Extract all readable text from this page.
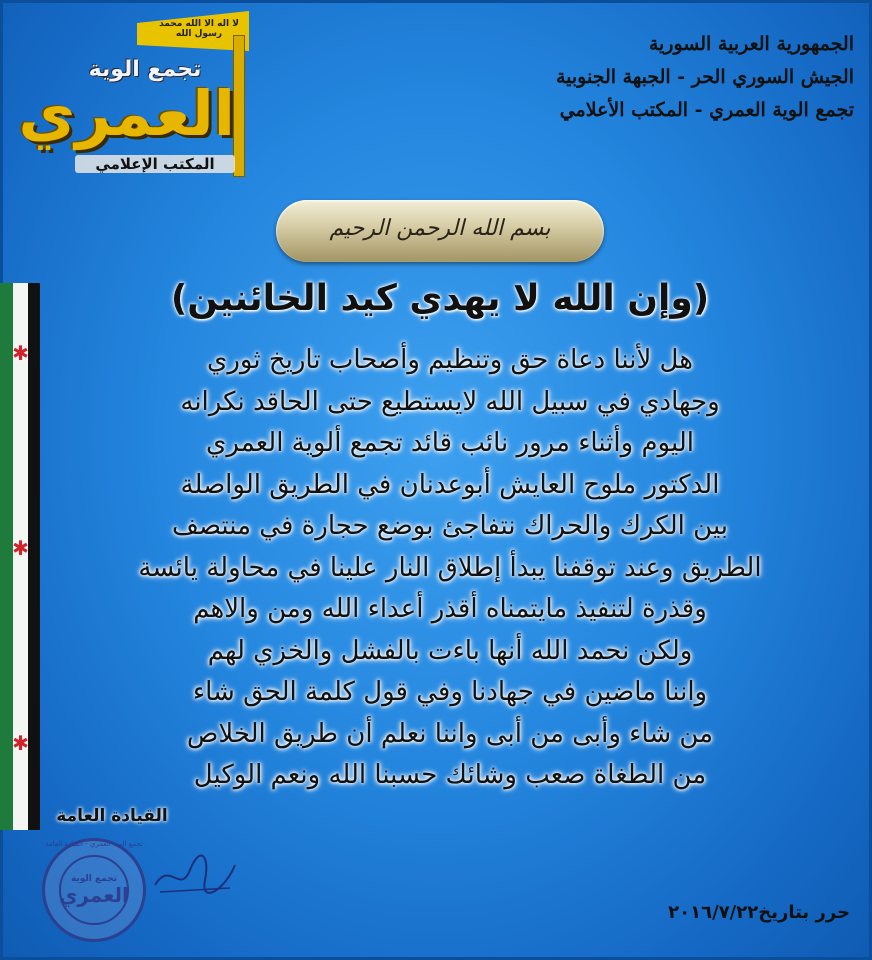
لا اله الا الله محمد رسول الله
تجمع الوية
العمري
المكتب الإعلامي
الجمهورية العربية السورية
الجيش السوري الحر - الجبهة الجنوبية
تجمع الوية العمري - المكتب الأعلامي
بسم الله الرحمن الرحيم
✱
✱
✱
(وإن الله لا يهدي كيد الخائنين)
هل لأننا دعاة حق وتنظيم وأصحاب تاريخ ثوري
وجهادي في سبيل الله لايستطيع حتى الحاقد نكرانه
اليوم وأثناء مرور نائب قائد تجمع ألوية العمري
الدكتور ملوح العايش أبوعدنان في الطريق الواصلة
بين الكرك والحراك نتفاجئ بوضع حجارة في منتصف
الطريق وعند توقفنا يبدأ إطلاق النار علينا في محاولة يائسة
وقذرة لتنفيذ مايتمناه أقذر أعداء الله ومن والاهم
ولكن نحمد الله أنها باءت بالفشل والخزي لهم
واننا ماضين في جهادنا وفي قول كلمة الحق شاء
من شاء وأبى من أبى واننا نعلم أن طريق الخلاص
من الطغاة صعب وشائك حسبنا الله ونعم الوكيل
القيادة العامة
تجمع الوية العمري - القيادة العامة
تجمع الوية
العمري
حرر بتاريخ٢٠١٦/٧/٢٢
